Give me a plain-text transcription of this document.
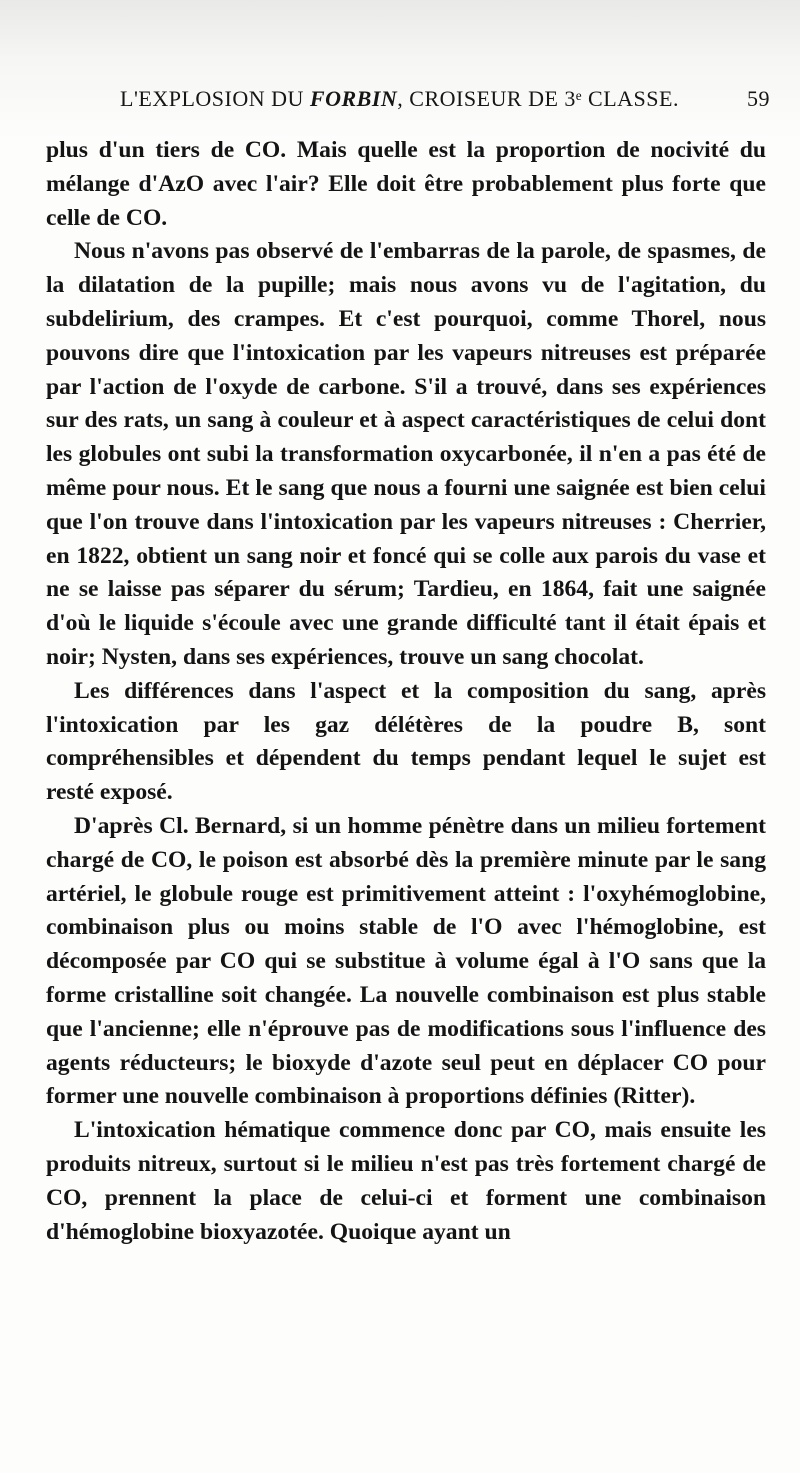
L'EXPLOSION DU FORBIN, CROISEUR DE 3ᵉ CLASSE.	59

plus d'un tiers de CO. Mais quelle est la proportion de nocivité du mélange d'AzO avec l'air? Elle doit être probablement plus forte que celle de CO.

Nous n'avons pas observé de l'embarras de la parole, de spasmes, de la dilatation de la pupille; mais nous avons vu de l'agitation, du subdelirium, des crampes. Et c'est pourquoi, comme Thorel, nous pouvons dire que l'intoxication par les vapeurs nitreuses est préparée par l'action de l'oxyde de carbone. S'il a trouvé, dans ses expériences sur des rats, un sang à couleur et à aspect caractéristiques de celui dont les globules ont subi la transformation oxycarbonée, il n'en a pas été de même pour nous. Et le sang que nous a fourni une saignée est bien celui que l'on trouve dans l'intoxication par les vapeurs nitreuses : Cherrier, en 1822, obtient un sang noir et foncé qui se colle aux parois du vase et ne se laisse pas séparer du sérum; Tardieu, en 1864, fait une saignée d'où le liquide s'écoule avec une grande difficulté tant il était épais et noir; Nysten, dans ses expériences, trouve un sang chocolat.

Les différences dans l'aspect et la composition du sang, après l'intoxication par les gaz délétères de la poudre B, sont compréhensibles et dépendent du temps pendant lequel le sujet est resté exposé.

D'après Cl. Bernard, si un homme pénètre dans un milieu fortement chargé de CO, le poison est absorbé dès la première minute par le sang artériel, le globule rouge est primitivement atteint : l'oxyhémoglobine, combinaison plus ou moins stable de l'O avec l'hémoglobine, est décomposée par CO qui se substitue à volume égal à l'O sans que la forme cristalline soit changée. La nouvelle combinaison est plus stable que l'ancienne; elle n'éprouve pas de modifications sous l'influence des agents réducteurs; le bioxyde d'azote seul peut en déplacer CO pour former une nouvelle combinaison à proportions définies (Ritter).

L'intoxication hématique commence donc par CO, mais ensuite les produits nitreux, surtout si le milieu n'est pas très fortement chargé de CO, prennent la place de celui-ci et forment une combinaison d'hémoglobine bioxyazotée. Quoique ayant un
